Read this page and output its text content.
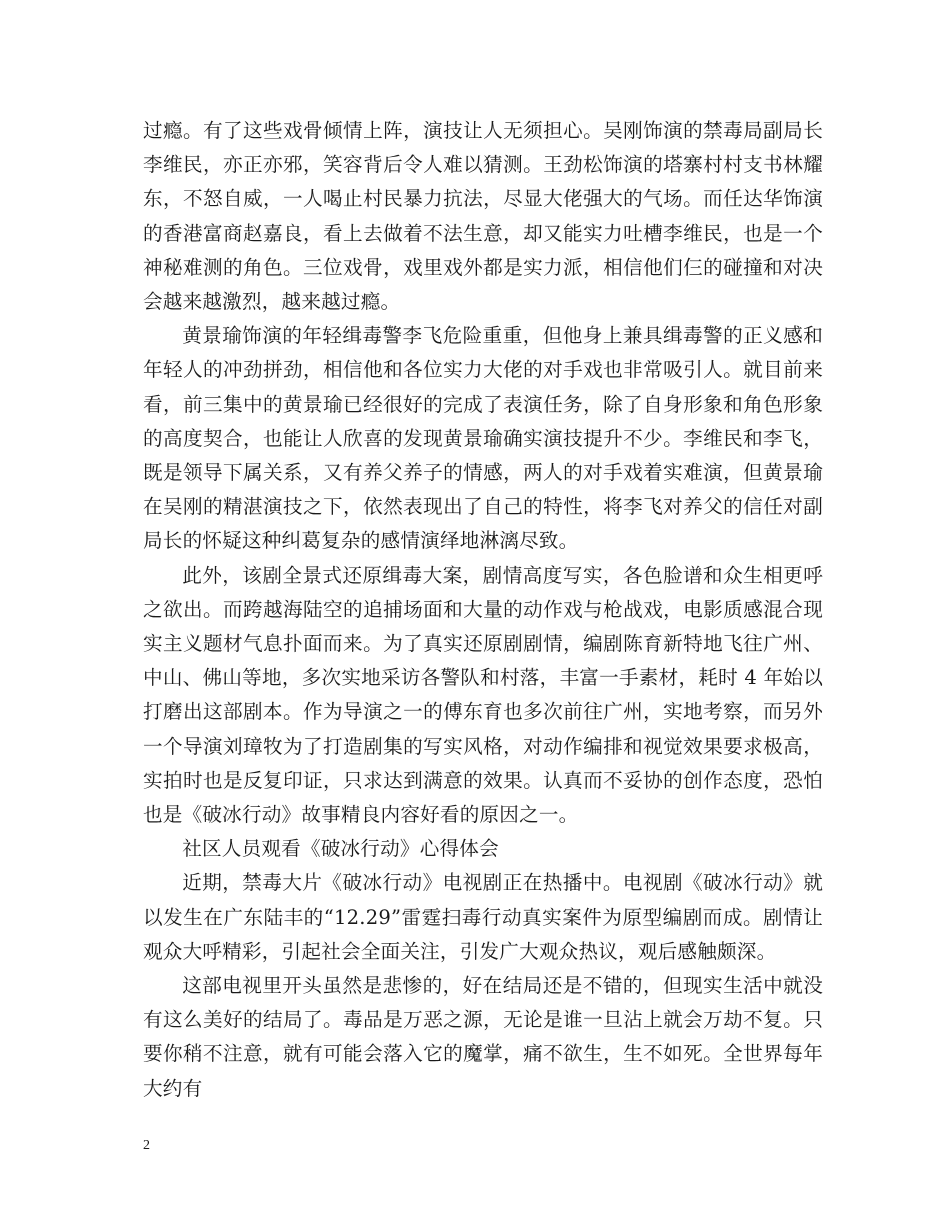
过瘾。有了这些戏骨倾情上阵，演技让人无须担心。吴刚饰演的禁毒局副局长李维民，亦正亦邪，笑容背后令人难以猜测。王劲松饰演的塔寨村村支书林耀东，不怒自威，一人喝止村民暴力抗法，尽显大佬强大的气场。而任达华饰演的香港富商赵嘉良，看上去做着不法生意，却又能实力吐槽李维民，也是一个神秘难测的角色。三位戏骨，戏里戏外都是实力派，相信他们仨的碰撞和对决会越来越激烈，越来越过瘾。

黄景瑜饰演的年轻缉毒警李飞危险重重，但他身上兼具缉毒警的正义感和年轻人的冲劲拼劲，相信他和各位实力大佬的对手戏也非常吸引人。就目前来看，前三集中的黄景瑜已经很好的完成了表演任务，除了自身形象和角色形象的高度契合，也能让人欣喜的发现黄景瑜确实演技提升不少。李维民和李飞，既是领导下属关系，又有养父养子的情感，两人的对手戏着实难演，但黄景瑜在吴刚的精湛演技之下，依然表现出了自己的特性，将李飞对养父的信任对副局长的怀疑这种纠葛复杂的感情演绎地淋漓尽致。

此外，该剧全景式还原缉毒大案，剧情高度写实，各色脸谱和众生相更呼之欲出。而跨越海陆空的追捕场面和大量的动作戏与枪战戏，电影质感混合现实主义题材气息扑面而来。为了真实还原剧剧情，编剧陈育新特地飞往广州、中山、佛山等地，多次实地采访各警队和村落，丰富一手素材，耗时 4 年始以打磨出这部剧本。作为导演之一的傅东育也多次前往广州，实地考察，而另外一个导演刘璋牧为了打造剧集的写实风格，对动作编排和视觉效果要求极高，实拍时也是反复印证，只求达到满意的效果。认真而不妥协的创作态度，恐怕也是《破冰行动》故事精良内容好看的原因之一。

社区人员观看《破冰行动》心得体会

近期，禁毒大片《破冰行动》电视剧正在热播中。电视剧《破冰行动》就以发生在广东陆丰的“12.29”雷霆扫毒行动真实案件为原型编剧而成。剧情让观众大呼精彩，引起社会全面关注，引发广大观众热议，观后感触颇深。

这部电视里开头虽然是悲惨的，好在结局还是不错的，但现实生活中就没有这么美好的结局了。毒品是万恶之源，无论是谁一旦沾上就会万劫不复。只要你稍不注意，就有可能会落入它的魔掌，痛不欲生，生不如死。全世界每年大约有

2
